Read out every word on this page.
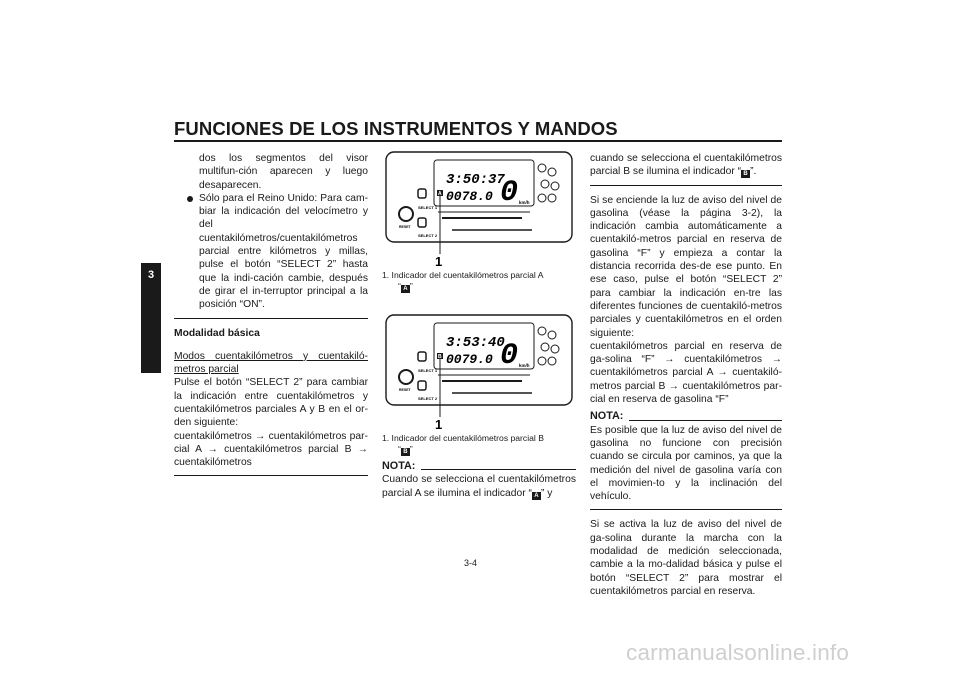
FUNCIONES DE LOS INSTRUMENTOS Y MANDOS
3

dos los segmentos del visor multifun-ción aparecen y luego desaparecen.

Sólo para el Reino Unido: Para cam-biar la indicación del velocímetro y del cuentakilómetros/cuentakilómetros parcial entre kilómetros y millas, pulse el botón “SELECT 2” hasta que la indi-cación cambie, después de girar el in-terruptor principal a la posición “ON”.

Modalidad básica

Modos cuentakilómetros y cuentakiló-metros parcial

Pulse el botón “SELECT 2” para cambiar la indicación entre cuentakilómetros y cuentakilómetros parciales A y B en el or-den siguiente:

cuentakilómetros → cuentakilómetros par-cial A → cuentakilómetros parcial B → cuentakilómetros

SELECT 1
SELECT 2
RESET
3:50:37
0078.0
A 0 km/h
1
1. Indicador del cuentakilómetros parcial A
“ A ”
SELECT 1
SELECT 2
RESET
3:53:40
0079.0
B 0 km/h
1
1. Indicador del cuentakilómetros parcial B
“ B ”
NOTA:

Cuando se selecciona el cuentakilómetros parcial A se ilumina el indicador “ A ” y

cuando se selecciona el cuentakilómetros parcial B se ilumina el indicador “ B ”.

Si se enciende la luz de aviso del nivel de gasolina (véase la página 3-2), la indicación cambia automáticamente a cuentakiló-metros parcial en reserva de gasolina “F” y empieza a contar la distancia recorrida des-de ese punto. En ese caso, pulse el botón “SELECT 2” para cambiar la indicación en-tre las diferentes funciones de cuentakiló-metros parciales y cuentakilómetros en el orden siguiente:

cuentakilómetros parcial en reserva de ga-solina “F” → cuentakilómetros → cuentakilómetros parcial A → cuentakiló-metros parcial B → cuentakilómetros par-cial en reserva de gasolina “F”

NOTA:

Es posible que la luz de aviso del nivel de gasolina no funcione con precisión cuando se circula por caminos, ya que la medición del nivel de gasolina varía con el movimien-to y la inclinación del vehículo.

Si se activa la luz de aviso del nivel de ga-solina durante la marcha con la modalidad de medición seleccionada, cambie a la mo-dalidad básica y pulse el botón “SELECT 2” para mostrar el cuentakilómetros parcial en reserva.

3-4
carmanualsonline.info
